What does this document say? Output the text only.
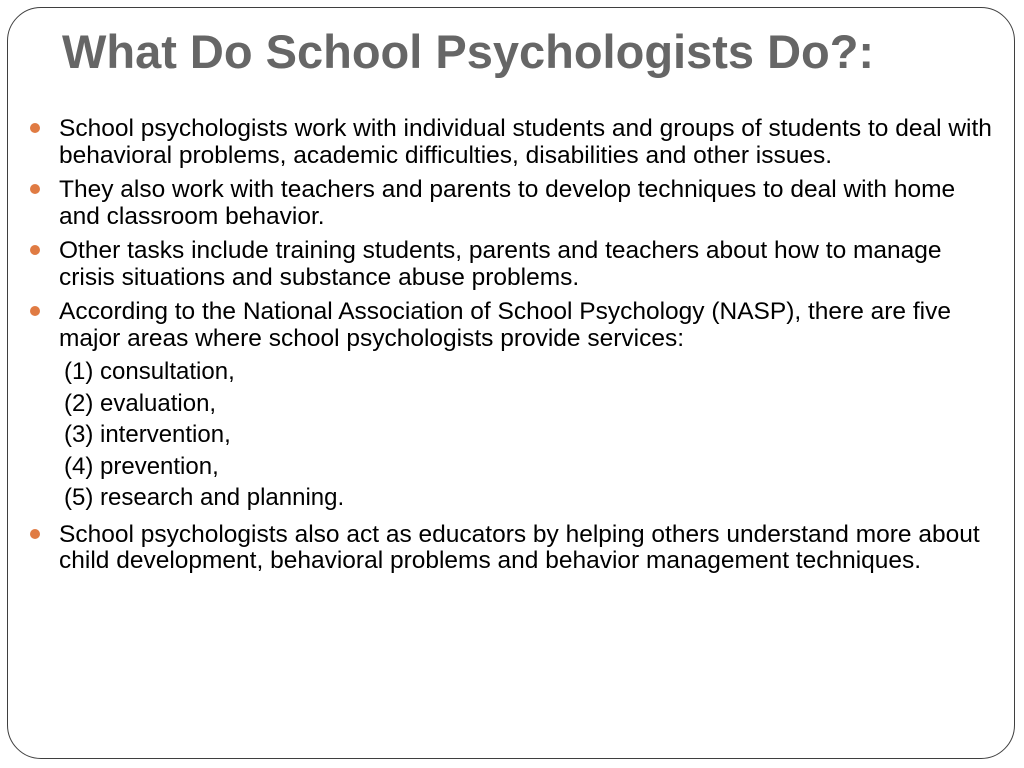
What Do School Psychologists Do?:
School psychologists work with individual students and groups of students to deal with behavioral problems, academic difficulties, disabilities and other issues.
They also work with teachers and parents to develop techniques to deal with home and classroom behavior.
Other tasks include training students, parents and teachers about how to manage crisis situations and substance abuse problems.
According to the National Association of School Psychology (NASP), there are five major areas where school psychologists provide services:
(1) consultation,
(2) evaluation,
(3) intervention,
(4) prevention,
(5) research and planning.
School psychologists also act as educators by helping others understand more about child development, behavioral problems and behavior management techniques.
